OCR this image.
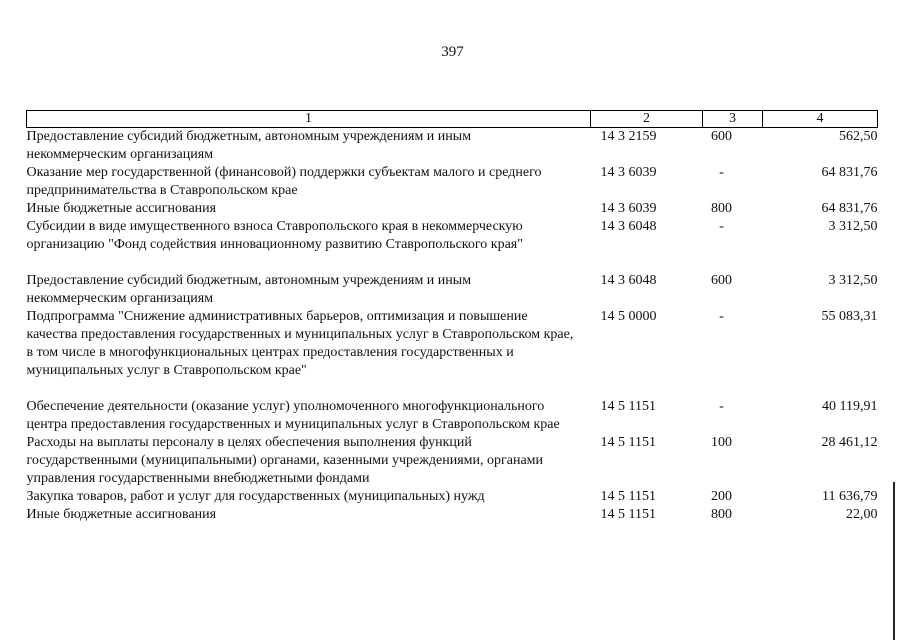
397
1	2	3	4
Предоставление субсидий бюджетным, автономным учреждениям и иным некоммерческим организациям	14 3 2159	600	562,50
Оказание мер государственной (финансовой) поддержки субъектам малого и среднего предпринимательства в Ставропольском крае	14 3 6039	-	64 831,76
Иные бюджетные ассигнования	14 3 6039	800	64 831,76
Субсидии в виде имущественного взноса Ставропольского края в некоммерческую организацию "Фонд содействия инновационному развитию Ставропольского края"	14 3 6048	-	3 312,50

Предоставление субсидий бюджетным, автономным учреждениям и иным некоммерческим организациям	14 3 6048	600	3 312,50
Подпрограмма "Снижение административных барьеров, оптимизация и повышение качества предоставления государственных и муниципальных услуг в Ставропольском крае, в том числе в многофункциональных центрах предоставления государственных и муниципальных услуг в Ставропольском крае"	14 5 0000	-	55 083,31

Обеспечение деятельности (оказание услуг) уполномоченного многофункционального центра предоставления государственных и муниципальных услуг в Ставропольском крае	14 5 1151	-	40 119,91
Расходы на выплаты персоналу в целях обеспечения выполнения функций государственными (муниципальными) органами, казенными учреждениями, органами управления государственными внебюджетными фондами	14 5 1151	100	28 461,12
Закупка товаров, работ и услуг для государственных (муниципальных) нужд	14 5 1151	200	11 636,79
Иные бюджетные ассигнования	14 5 1151	800	22,00
